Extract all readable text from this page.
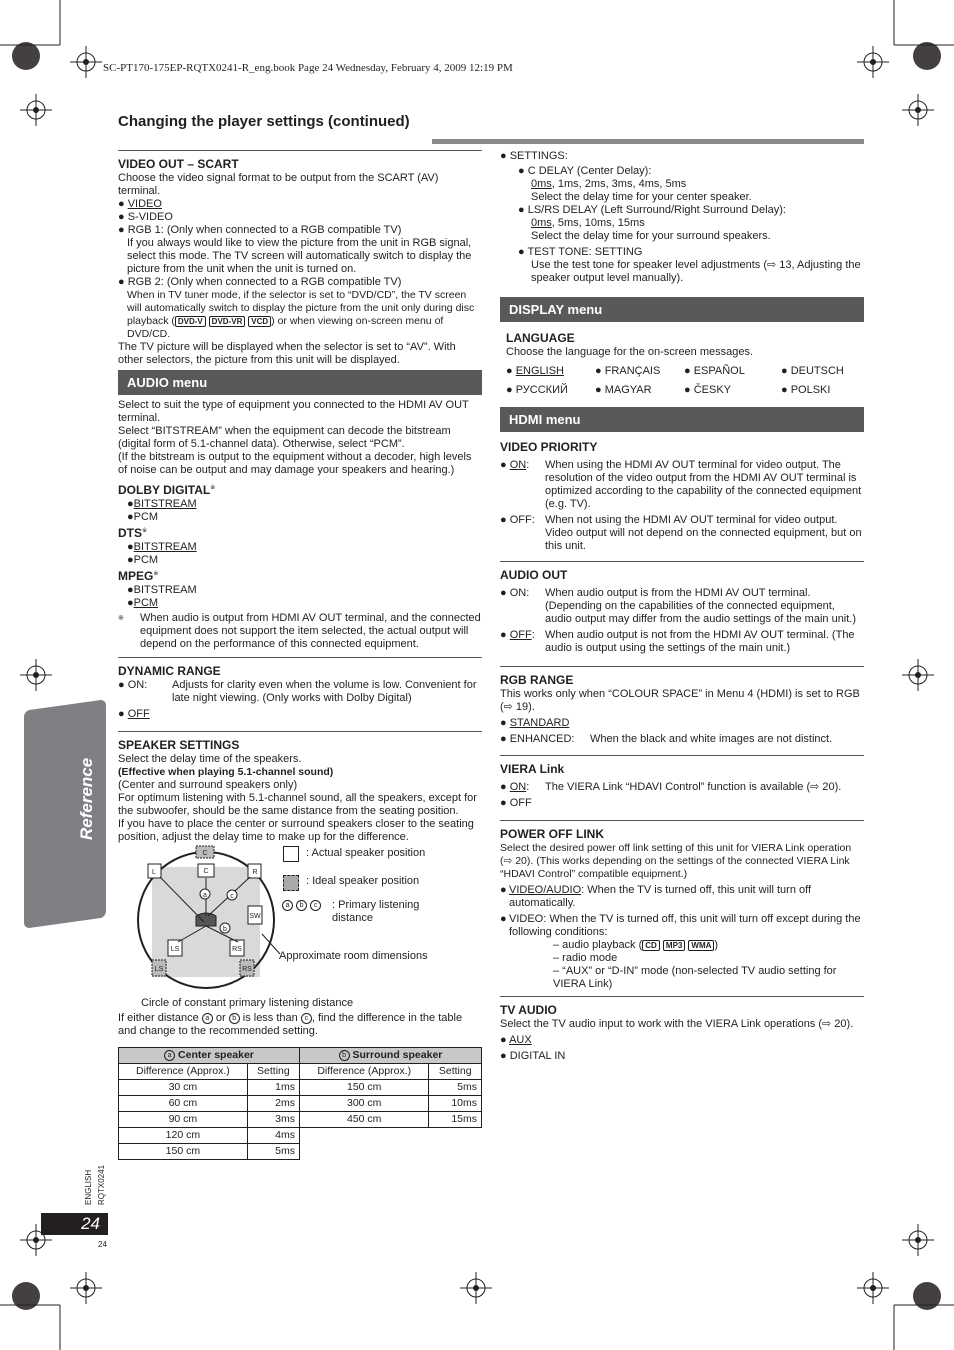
SC-PT170-175EP-RQTX0241-R_eng.book Page 24 Wednesday, February 4, 2009 12:19 PM
Changing the player settings (continued)
Reference

VIDEO OUT – SCART

Choose the video signal format to be output from the SCART (AV) terminal.

● VIDEO

● S-VIDEO

● RGB 1: (Only when connected to a RGB compatible TV)

If you always would like to view the picture from the unit in RGB signal, select this mode. The TV screen will automatically switch to display the picture from the unit when the unit is turned on.

● RGB 2: (Only when connected to a RGB compatible TV)

When in TV tuner mode, if the selector is set to “DVD/CD”, the TV screen will automatically switch to display the picture from the unit only during disc playback ( DVD-V DVD-VR VCD ) or when viewing on-screen menu of DVD/CD.

The TV picture will be displayed when the selector is set to “AV”. With other selectors, the picture from this unit will be displayed.

AUDIO menu

Select to suit the type of equipment you connected to the HDMI AV OUT terminal.

Select “BITSTREAM” when the equipment can decode the bitstream (digital form of 5.1-channel data). Otherwise, select “PCM”.

(If the bitstream is output to the equipment without a decoder, high levels of noise can be output and may damage your speakers and hearing.)

DOLBY DIGITAL※

●BITSTREAM

●PCM

DTS※

●BITSTREAM

●PCM

MPEG※

●BITSTREAM

●PCM

※	When audio is output from HDMI AV OUT terminal, and the connected equipment does not support the item selected, the actual output will depend on the performance of this connected equipment.

DYNAMIC RANGE

● ON:	Adjusts for clarity even when the volume is low. Convenient for late night viewing. (Only works with Dolby Digital)

● OFF

SPEAKER SETTINGS

Select the delay time of the speakers.

(Effective when playing 5.1-channel sound)

(Center and surround speakers only)

For optimum listening with 5.1-channel sound, all the speakers, except for the subwoofer, should be the same distance from the seating position.

If you have to place the center or surround speakers closer to the seating position, adjust the delay time to make up for the difference.

C
L	C	R
SW
LS	RS
LS	RS
a	c
b
: Actual speaker position
: Ideal speaker position
a b c	: Primary listening distance
Approximate room dimensions
Circle of constant primary listening distance
If either distance a or b is less than c , find the difference in the table and change to the recommended setting.
a Center speaker	
Difference (Approx.)	Setting
30 cm	1ms
60 cm	2ms
90 cm	3ms
120 cm	4ms
150 cm	5ms
b Surround speaker	
Difference (Approx.)	Setting
150 cm	5ms
300 cm	10ms
450 cm	15ms

● SETTINGS:

● C DELAY (Center Delay):

0ms, 1ms, 2ms, 3ms, 4ms, 5ms

Select the delay time for your center speaker.

● LS/RS DELAY (Left Surround/Right Surround Delay):

0ms, 5ms, 10ms, 15ms

Select the delay time for your surround speakers.

● TEST TONE: SETTING

Use the test tone for speaker level adjustments (⇨ 13, Adjusting the speaker output level manually).

DISPLAY menu

LANGUAGE

Choose the language for the on-screen messages.

● ENGLISH	● FRANÇAIS	● ESPAÑOL	● DEUTSCH
● РУССКИЙ	● MAGYAR	● ČESKY	● POLSKI
HDMI menu

VIDEO PRIORITY

● ON:	When using the HDMI AV OUT terminal for video output. The resolution of the video output from the HDMI AV OUT terminal is optimized according to the capability of the connected equipment (e.g. TV).
● OFF: When not using the HDMI AV OUT terminal for video output. Video output will not depend on the connected equipment, but on this unit.

AUDIO OUT

● ON:	When audio output is from the HDMI AV OUT terminal. (Depending on the capabilities of the connected equipment, audio output may differ from the audio settings of the main unit.)
● OFF: When audio output is not from the HDMI AV OUT terminal. (The audio is output using the settings of the main unit.)

RGB RANGE

This works only when “COLOUR SPACE” in Menu 4 (HDMI) is set to RGB (⇨ 19).

● STANDARD

● ENHANCED:	When the black and white images are not distinct.

VIERA Link

● ON:	The VIERA Link “HDAVI Control” function is available (⇨ 20).

● OFF

POWER OFF LINK

Select the desired power off link setting of this unit for VIERA Link operation (⇨ 20). (This works depending on the settings of the connected VIERA Link “HDAVI Control” compatible equipment.)

● VIDEO/AUDIO: When the TV is turned off, this unit will turn off automatically.
● VIDEO: When the TV is turned off, this unit will turn off except during the following conditions:

– audio playback ( CD MP3 WMA )

– radio mode

– “AUX” or “D-IN” mode (non-selected TV audio setting for VIERA Link)

TV AUDIO

Select the TV audio input to work with the VIERA Link operations (⇨ 20).

● AUX

● DIGITAL IN

ENGLISH RQTX0241
24
24
